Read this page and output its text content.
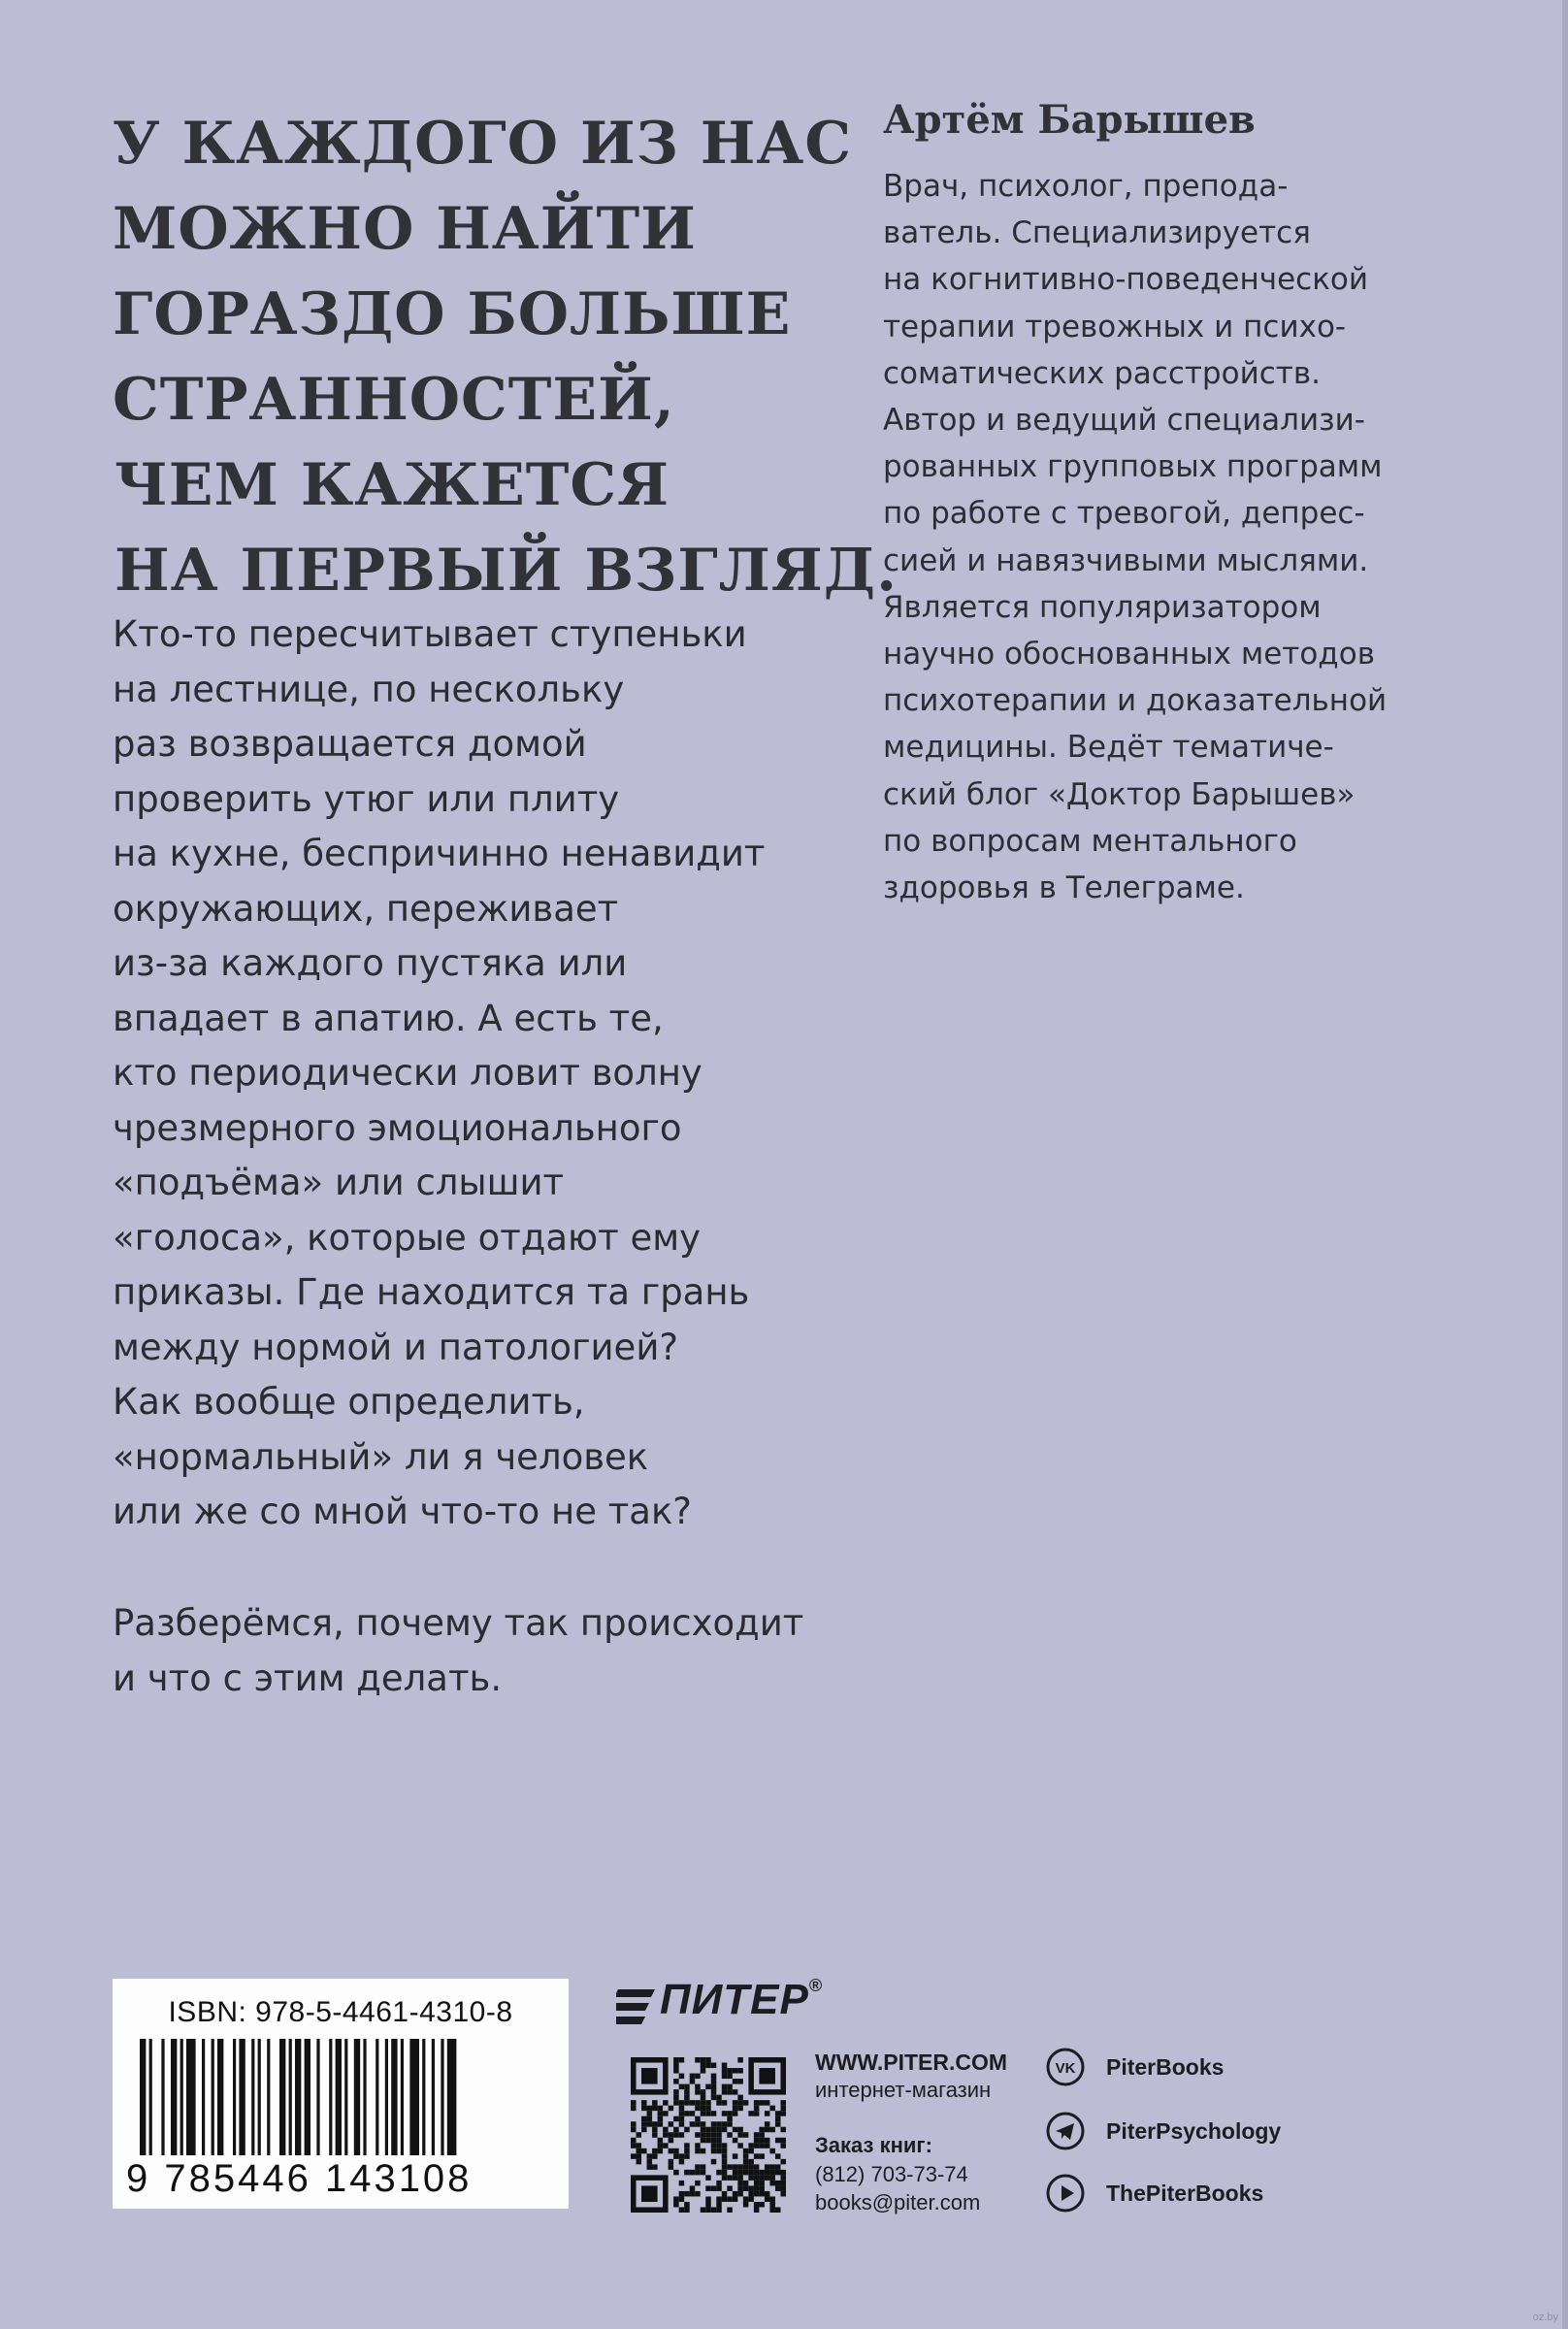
У КАЖДОГО ИЗ НАС
МОЖНО НАЙТИ
ГОРАЗДО БОЛЬШЕ
СТРАННОСТЕЙ,
ЧЕМ КАЖЕТСЯ
НА ПЕРВЫЙ ВЗГЛЯД.

Кто-то пересчитывает ступеньки
на лестнице, по нескольку
раз возвращается домой
проверить утюг или плиту
на кухне, беспричинно ненавидит
окружающих, переживает
из-за каждого пустяка или
впадает в апатию. А есть те,
кто периодически ловит волну
чрезмерного эмоционального
«подъёма» или слышит
«голоса», которые отдают ему
приказы. Где находится та грань
между нормой и патологией?
Как вообще определить,
«нормальный» ли я человек
или же со мной что-то не так?

Разберёмся, почему так происходит
и что с этим делать.

Артём Барышев

Врач, психолог, препода-
ватель. Специализируется
на когнитивно-поведенческой
терапии тревожных и психо-
соматических расстройств.
Автор и ведущий специализи-
рованных групповых программ
по работе с тревогой, депрес-
сией и навязчивыми мыслями.
Является популяризатором
научно обоснованных методов
психотерапии и доказательной
медицины. Ведёт тематиче-
ский блог «Доктор Барышев»
по вопросам ментального
здоровья в Телеграме.

ISBN: 978-5-4461-4310-8
9 785446 143108
ПИТЕР®
WWW.PITER.COM
интернет-магазин
Заказ книг:
(812) 703-73-74
books@piter.com
VK PiterBooks
PiterPsychology
ThePiterBooks
oz.by
